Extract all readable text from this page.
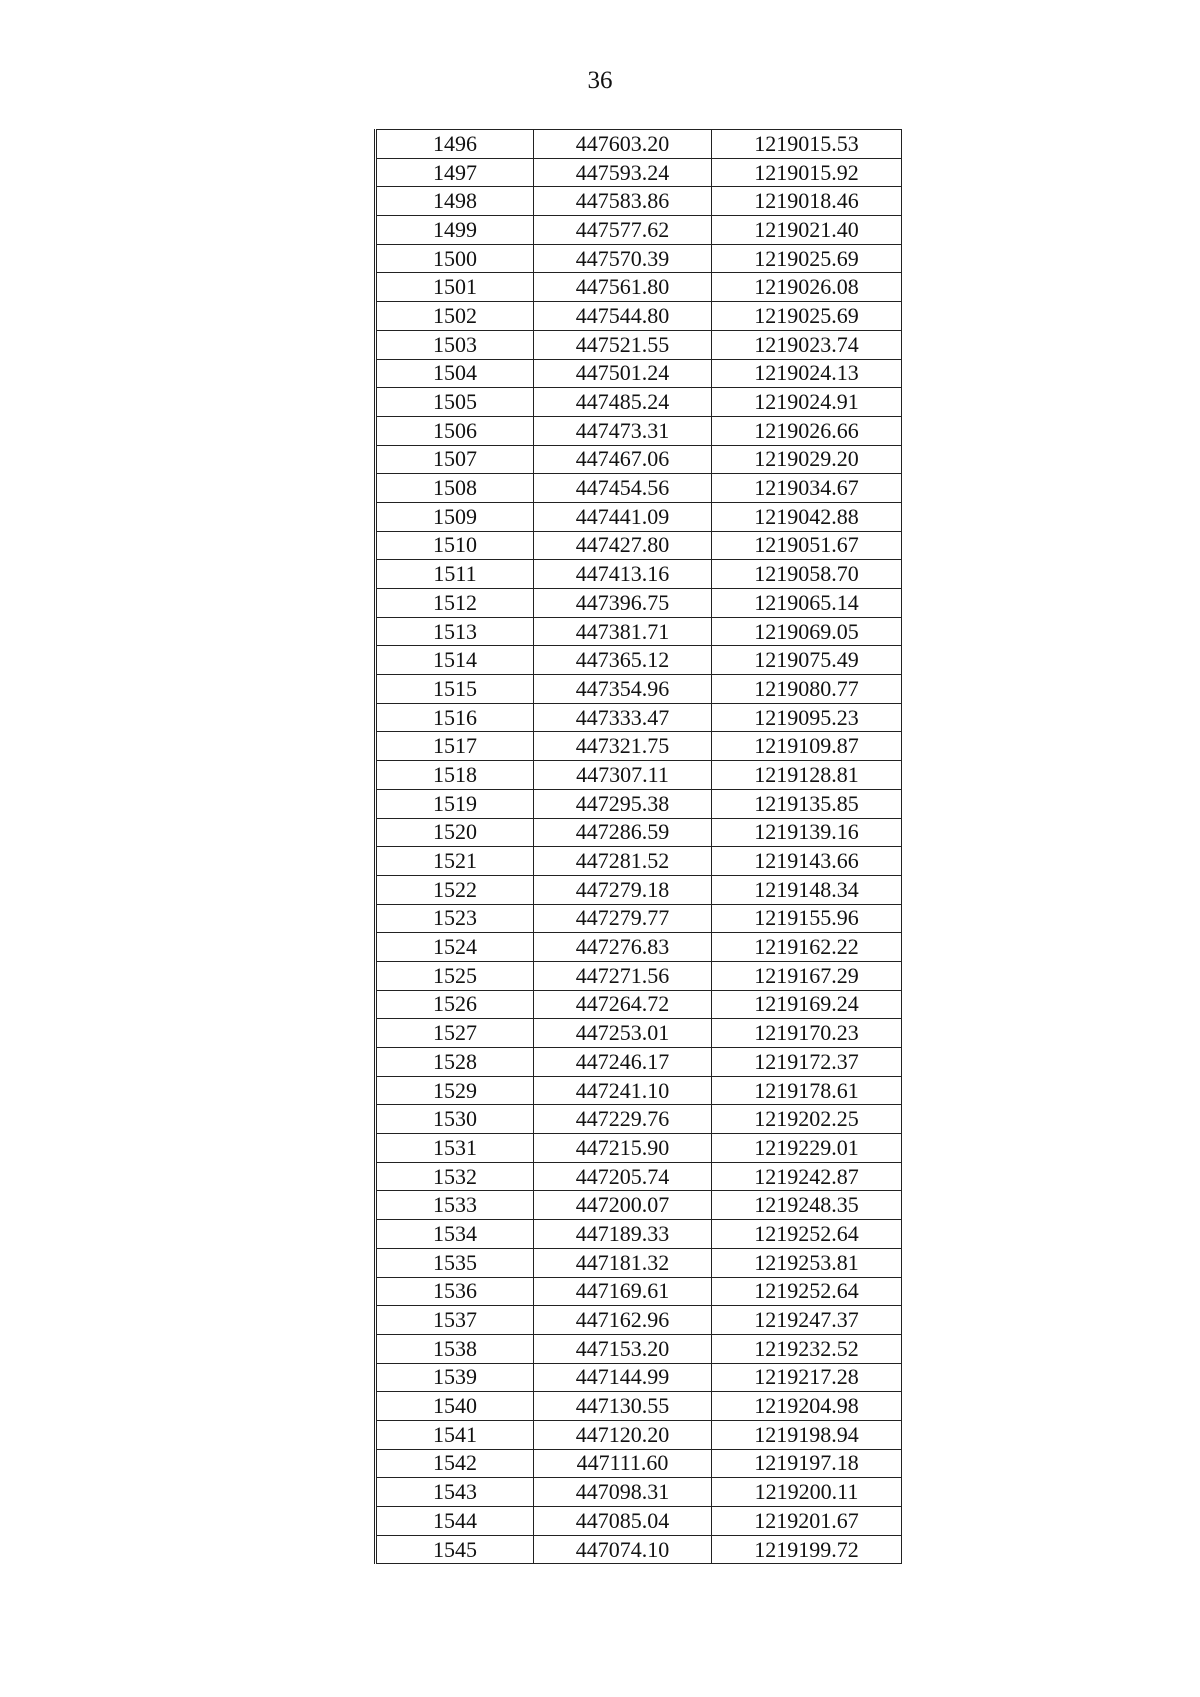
36
1496	447603.20	1219015.53
1497	447593.24	1219015.92
1498	447583.86	1219018.46
1499	447577.62	1219021.40
1500	447570.39	1219025.69
1501	447561.80	1219026.08
1502	447544.80	1219025.69
1503	447521.55	1219023.74
1504	447501.24	1219024.13
1505	447485.24	1219024.91
1506	447473.31	1219026.66
1507	447467.06	1219029.20
1508	447454.56	1219034.67
1509	447441.09	1219042.88
1510	447427.80	1219051.67
1511	447413.16	1219058.70
1512	447396.75	1219065.14
1513	447381.71	1219069.05
1514	447365.12	1219075.49
1515	447354.96	1219080.77
1516	447333.47	1219095.23
1517	447321.75	1219109.87
1518	447307.11	1219128.81
1519	447295.38	1219135.85
1520	447286.59	1219139.16
1521	447281.52	1219143.66
1522	447279.18	1219148.34
1523	447279.77	1219155.96
1524	447276.83	1219162.22
1525	447271.56	1219167.29
1526	447264.72	1219169.24
1527	447253.01	1219170.23
1528	447246.17	1219172.37
1529	447241.10	1219178.61
1530	447229.76	1219202.25
1531	447215.90	1219229.01
1532	447205.74	1219242.87
1533	447200.07	1219248.35
1534	447189.33	1219252.64
1535	447181.32	1219253.81
1536	447169.61	1219252.64
1537	447162.96	1219247.37
1538	447153.20	1219232.52
1539	447144.99	1219217.28
1540	447130.55	1219204.98
1541	447120.20	1219198.94
1542	447111.60	1219197.18
1543	447098.31	1219200.11
1544	447085.04	1219201.67
1545	447074.10	1219199.72
